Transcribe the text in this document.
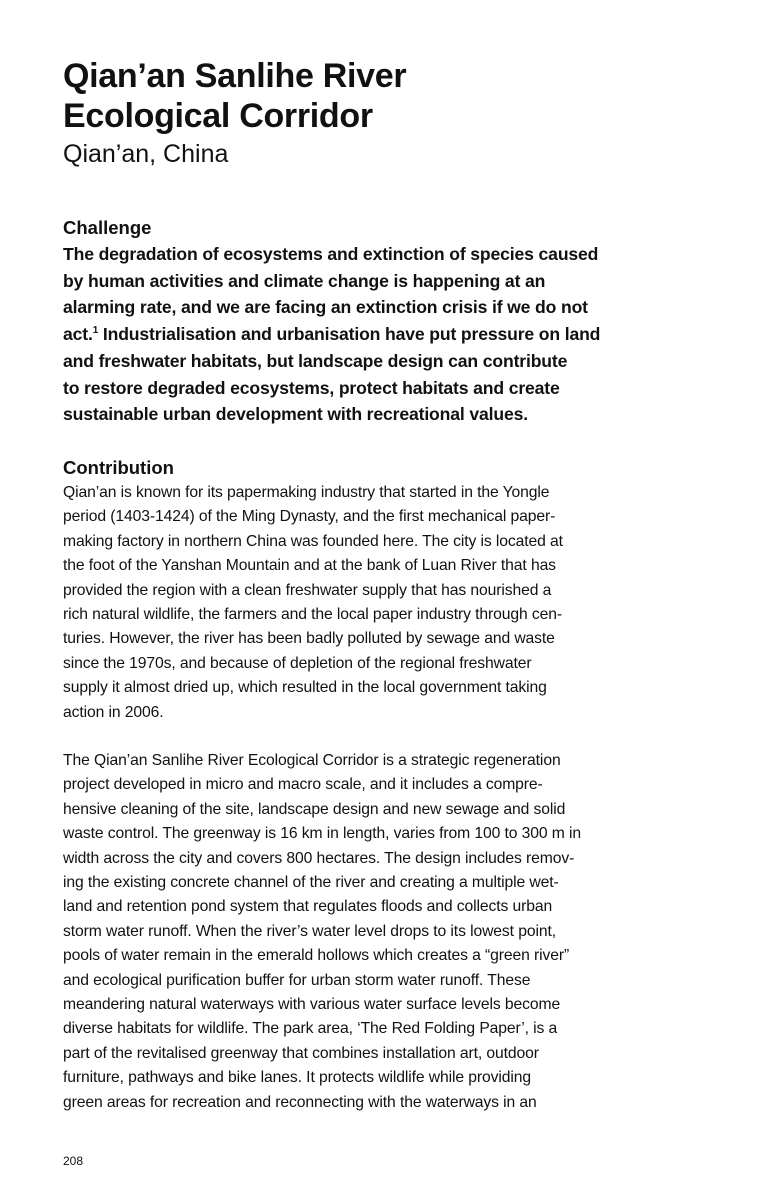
Qian’an Sanlihe River
Ecological Corridor
Qian’an, China
Challenge

The degradation of ecosystems and extinction of species caused
by human activities and climate change is happening at an
alarming rate, and we are facing an extinction crisis if we do not
act.$^1$ Industrialisation and urbanisation have put pressure on land
and freshwater habitats, but landscape design can contribute
to restore degraded ecosystems, protect habitats and create
sustainable urban development with recreational values.

Contribution

Qian’an is known for its papermaking industry that started in the Yongle
period (1403-1424) of the Ming Dynasty, and the first mechanical paper-
making factory in northern China was founded here. The city is located at
the foot of the Yanshan Mountain and at the bank of Luan River that has
provided the region with a clean freshwater supply that has nourished a
rich natural wildlife, the farmers and the local paper industry through cen-
turies. However, the river has been badly polluted by sewage and waste
since the 1970s, and because of depletion of the regional freshwater
supply it almost dried up, which resulted in the local government taking
action in 2006.

The Qian’an Sanlihe River Ecological Corridor is a strategic regeneration
project developed in micro and macro scale, and it includes a compre-
hensive cleaning of the site, landscape design and new sewage and solid
waste control. The greenway is 16 km in length, varies from 100 to 300 m in
width across the city and covers 800 hectares. The design includes remov-
ing the existing concrete channel of the river and creating a multiple wet-
land and retention pond system that regulates floods and collects urban
storm water runoff. When the river’s water level drops to its lowest point,
pools of water remain in the emerald hollows which creates a “green river”
and ecological purification buffer for urban storm water runoff. These
meandering natural waterways with various water surface levels become
diverse habitats for wildlife. The park area, ‘The Red Folding Paper’, is a
part of the revitalised greenway that combines installation art, outdoor
furniture, pathways and bike lanes. It protects wildlife while providing
green areas for recreation and reconnecting with the waterways in an

208
